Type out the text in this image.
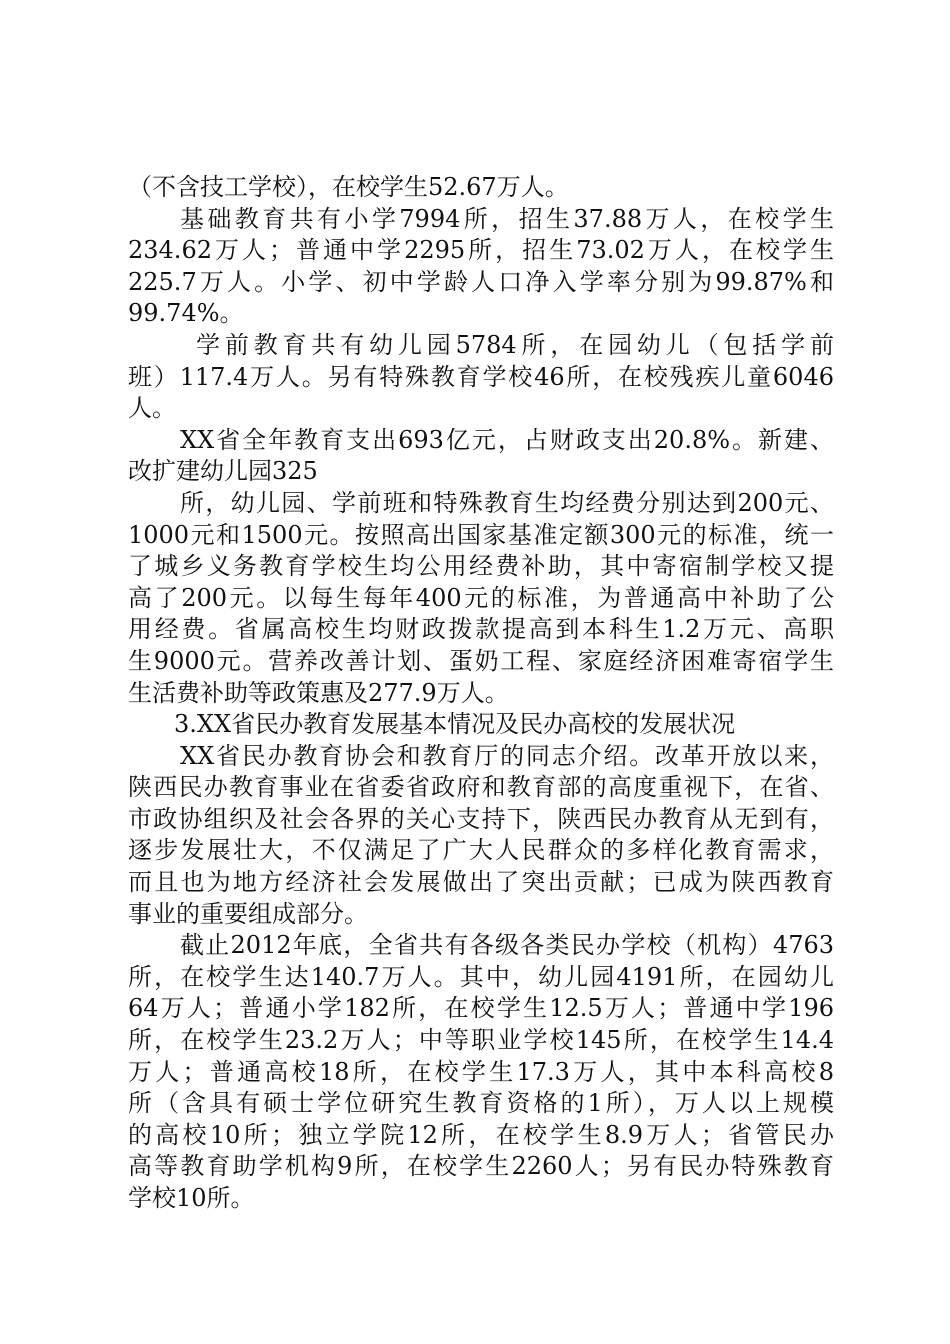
（不含技工学校），在校学生52.67万人。
基础教育共有小学7994所，招生37.88万人，在校学生
234.62万人；普通中学2295所，招生73.02万人，在校学生
225.7万人。小学、初中学龄人口净入学率分别为99.87%和
99.74%。
学前教育共有幼儿园5784所，在园幼儿（包括学前
班）117.4万人。另有特殊教育学校46所，在校残疾儿童6046
人。
XX省全年教育支出693亿元，占财政支出20.8%。新建、
改扩建幼儿园325
所，幼儿园、学前班和特殊教育生均经费分别达到200元、
1000元和1500元。按照高出国家基准定额300元的标准，统一
了城乡义务教育学校生均公用经费补助，其中寄宿制学校又提
高了200元。以每生每年400元的标准，为普通高中补助了公
用经费。省属高校生均财政拨款提高到本科生1.2万元、高职
生9000元。营养改善计划、蛋奶工程、家庭经济困难寄宿学生
生活费补助等政策惠及277.9万人。
3.XX省民办教育发展基本情况及民办高校的发展状况
XX省民办教育协会和教育厅的同志介绍。改革开放以来，
陕西民办教育事业在省委省政府和教育部的高度重视下，在省、
市政协组织及社会各界的关心支持下，陕西民办教育从无到有，
逐步发展壮大，不仅满足了广大人民群众的多样化教育需求，
而且也为地方经济社会发展做出了突出贡献；已成为陕西教育
事业的重要组成部分。
截止2012年底，全省共有各级各类民办学校（机构）4763
所，在校学生达140.7万人。其中，幼儿园4191所，在园幼儿
64万人；普通小学182所，在校学生12.5万人；普通中学196
所，在校学生23.2万人；中等职业学校145所，在校学生14.4
万人；普通高校18所，在校学生17.3万人，其中本科高校8
所（含具有硕士学位研究生教育资格的1所），万人以上规模
的高校10所；独立学院12所，在校学生8.9万人；省管民办
高等教育助学机构9所，在校学生2260人；另有民办特殊教育
学校10所。
